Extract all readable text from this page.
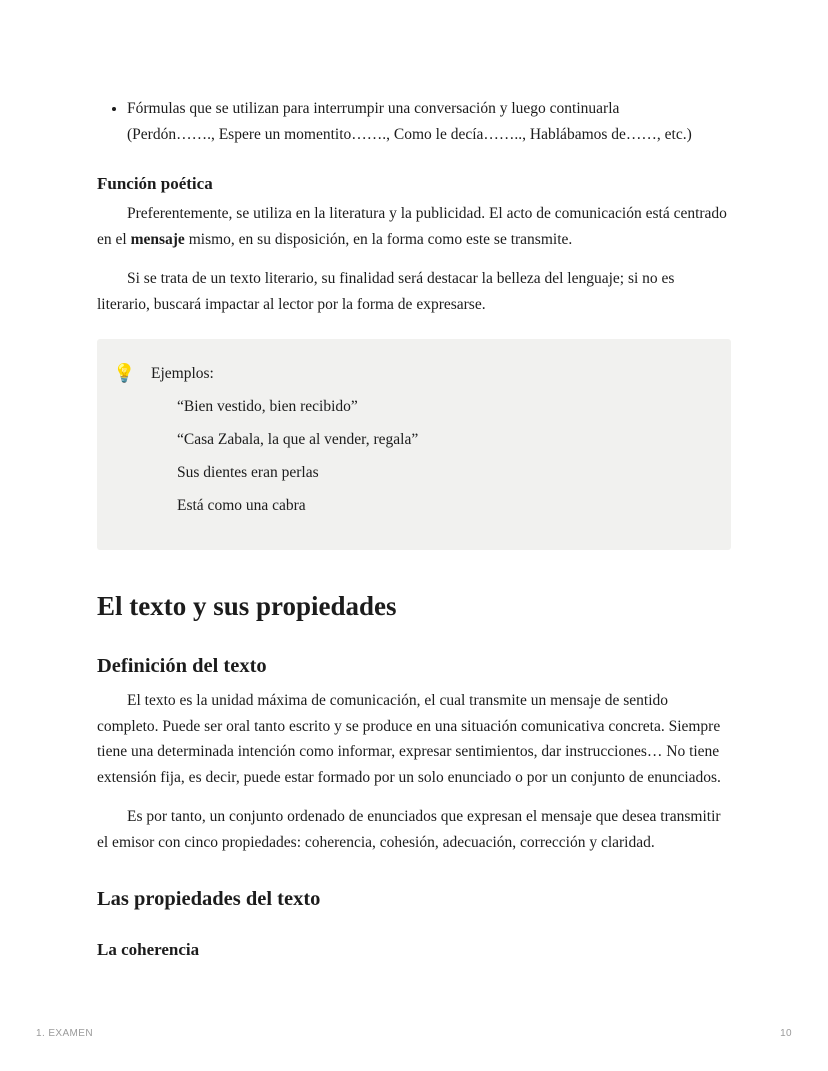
• Fórmulas que se utilizan para interrumpir una conversación y luego continuarla
(Perdón……., Espere un momentito……., Como le decía…….., Hablábamos de……, etc.)
Función poética

Preferentemente, se utiliza en la literatura y la publicidad. El acto de comunicación está centrado en el mensaje mismo, en su disposición, en la forma como este se transmite.

Si se trata de un texto literario, su finalidad será destacar la belleza del lenguaje; si no es literario, buscará impactar al lector por la forma de expresarse.

💡 Ejemplos:

“Bien vestido, bien recibido”

“Casa Zabala, la que al vender, regala”

Sus dientes eran perlas

Está como una cabra

El texto y sus propiedades
Definición del texto

El texto es la unidad máxima de comunicación, el cual transmite un mensaje de sentido completo. Puede ser oral tanto escrito y se produce en una situación comunicativa concreta. Siempre tiene una determinada intención como informar, expresar sentimientos, dar instrucciones… No tiene extensión fija, es decir, puede estar formado por un solo enunciado o por un conjunto de enunciados.

Es por tanto, un conjunto ordenado de enunciados que expresan el mensaje que desea transmitir el emisor con cinco propiedades: coherencia, cohesión, adecuación, corrección y claridad.

Las propiedades del texto
La coherencia
1. EXAMEN	10
